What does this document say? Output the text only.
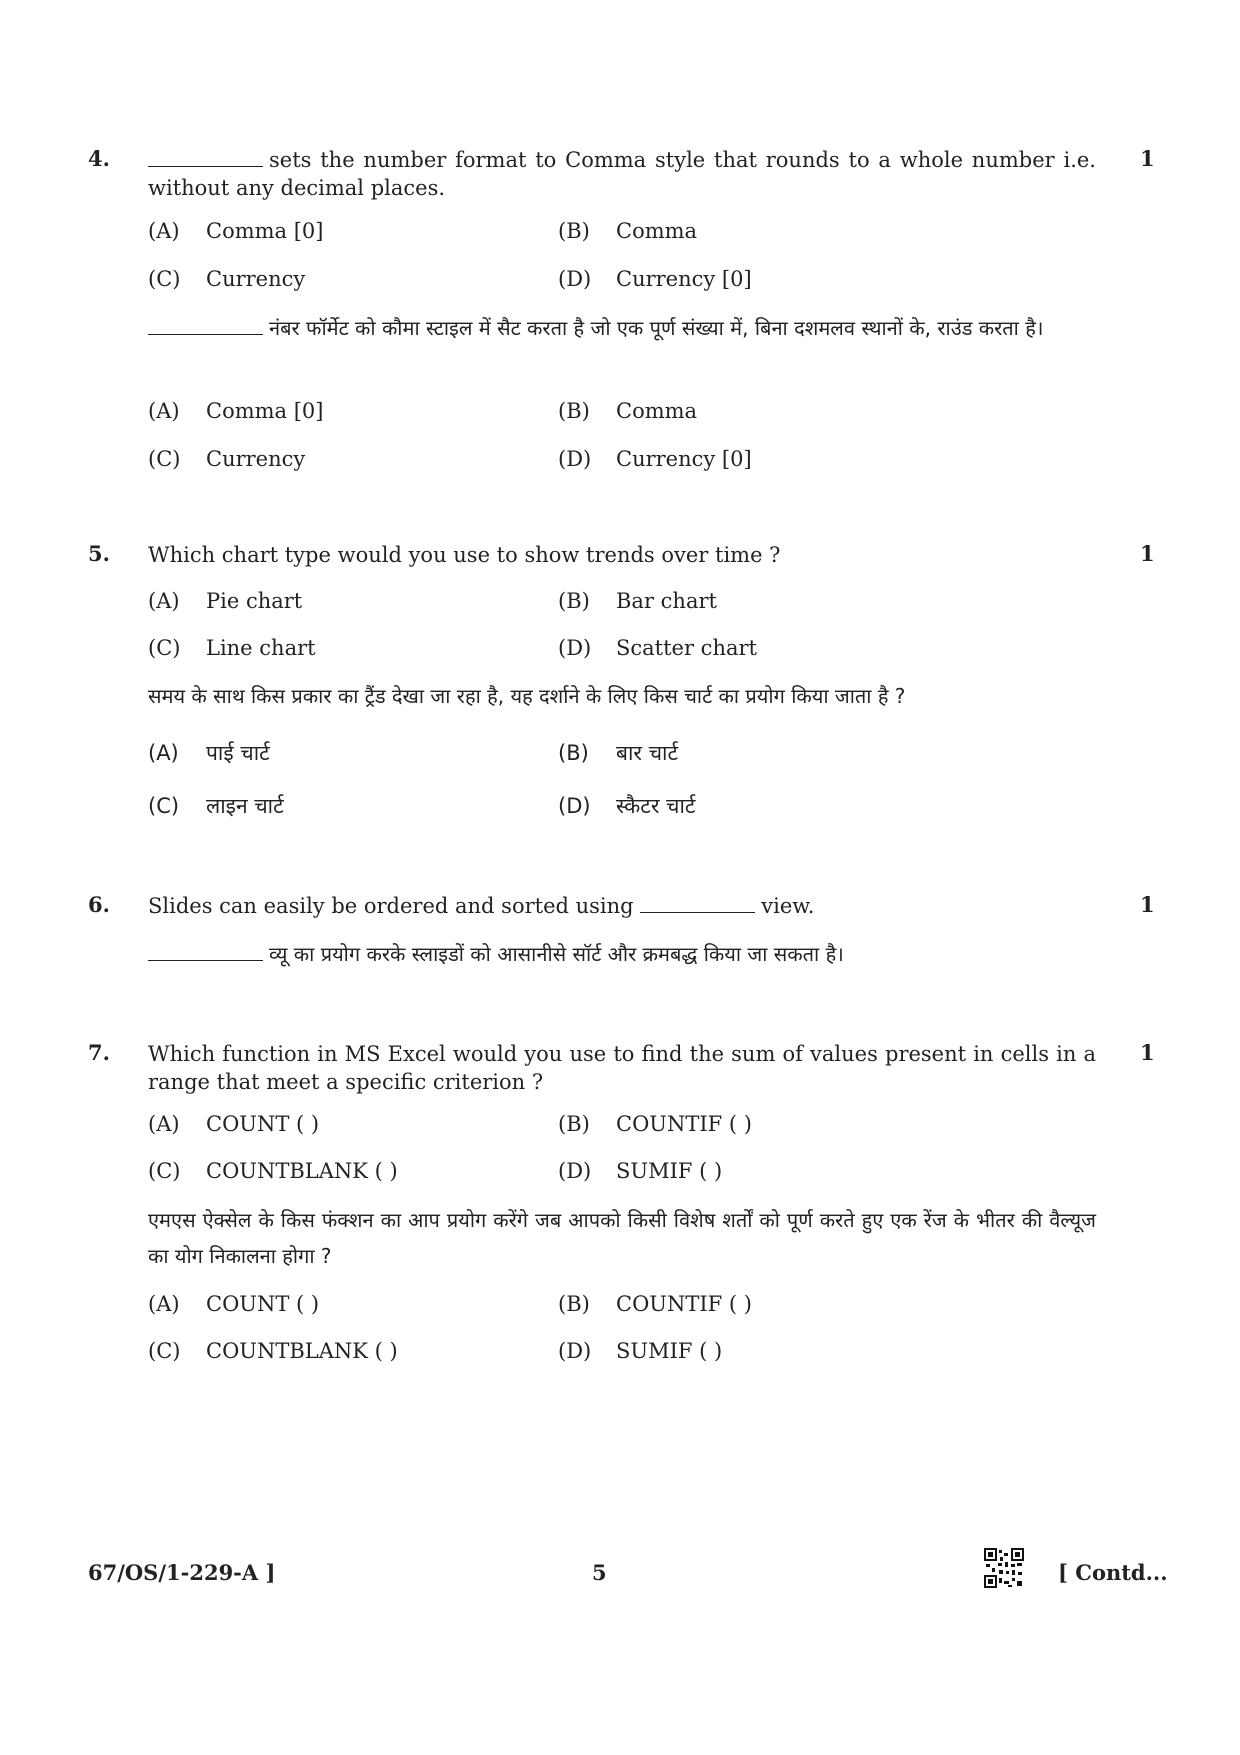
4.	1
sets the number format to Comma style that rounds to a whole number i.e. without any decimal places.
(A) Comma [0]	(B) Comma
(C) Currency	(D) Currency [0]
नंबर फॉर्मेट को कौमा स्टाइल में सैट करता है जो एक पूर्ण संख्या में, बिना दशमलव स्थानों के, राउंड करता है।
(A) Comma [0]	(B) Comma
(C) Currency	(D) Currency [0]
5.	1
Which chart type would you use to show trends over time ?
(A) Pie chart	(B) Bar chart
(C) Line chart	(D) Scatter chart
समय के साथ किस प्रकार का ट्रैंड देखा जा रहा है, यह दर्शाने के लिए किस चार्ट का प्रयोग किया जाता है ?
(A) पाई चार्ट	(B) बार चार्ट
(C) लाइन चार्ट	(D) स्कैटर चार्ट
6.	1
Slides can easily be ordered and sorted using	view.
व्यू का प्रयोग करके स्लाइडों को आसानीसे सॉर्ट और क्रमबद्ध किया जा सकता है।
7.	1
Which function in MS Excel would you use to find the sum of values present in cells in a range that meet a specific criterion ?
(A) COUNT ( )	(B) COUNTIF ( )
(C) COUNTBLANK ( )	(D) SUMIF ( )
एमएस ऐक्सेल के किस फंक्शन का आप प्रयोग करेंगे जब आपको किसी विशेष शर्तों को पूर्ण करते हुए एक रेंज के भीतर की वैल्यूज का योग निकालना होगा ?
(A) COUNT ( )	(B) COUNTIF ( )
(C) COUNTBLANK ( )	(D) SUMIF ( )
67/OS/1-229-A ]	5	[ Contd...
